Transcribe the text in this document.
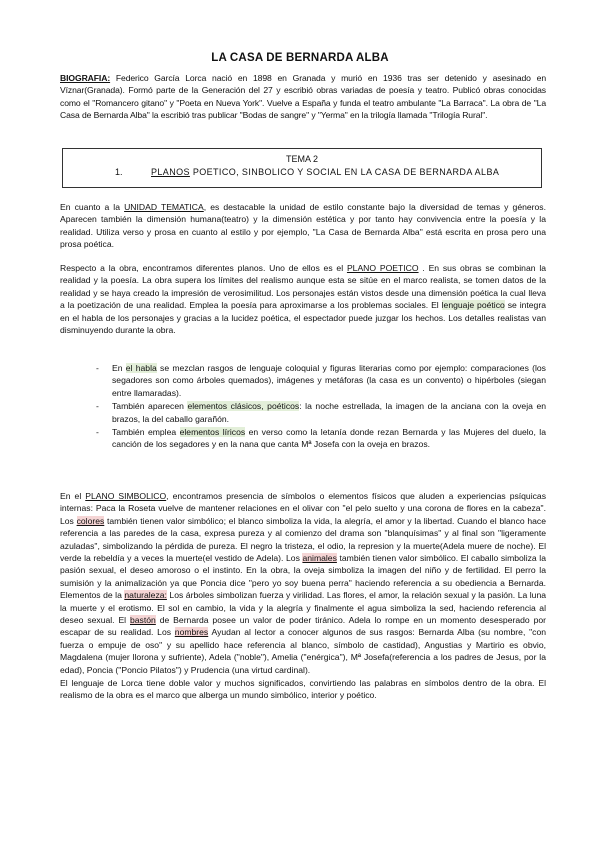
LA CASA DE BERNARDA ALBA
BIOGRAFIA: Federico García Lorca nació en 1898 en Granada y murió en 1936 tras ser detenido y asesinado en Víznar(Granada). Formó parte de la Generación del 27 y escribió obras variadas de poesía y teatro. Publicó obras conocidas como el "Romancero gitano" y "Poeta en Nueva York". Vuelve a España y funda el teatro ambulante "La Barraca". La obra de "La Casa de Bernarda Alba" la escribió tras publicar "Bodas de sangre" y "Yerma" en la trilogía llamada "Trilogía Rural".
TEMA 2
1.	PLANOS POETICO, SINBOLICO Y SOCIAL EN LA CASA DE BERNARDA ALBA
En cuanto a la UNIDAD TEMATICA, es destacable la unidad de estilo constante bajo la diversidad de temas y géneros. Aparecen también la dimensión humana(teatro) y la dimensión estética y por tanto hay convivencia entre la poesía y la realidad. Utiliza verso y prosa en cuanto al estilo y por ejemplo, "La Casa de Bernarda Alba" está escrita en prosa pero una prosa poética.
Respecto a la obra, encontramos diferentes planos. Uno de ellos es el PLANO POETICO . En sus obras se combinan la realidad y la poesía. La obra supera los límites del realismo aunque esta se sitúe en el marco realista, se tomen datos de la realidad y se haya creado la impresión de verosimilitud. Los personajes están vistos desde una dimensión poética la cual lleva a la poetización de una realidad. Emplea la poesía para aproximarse a los problemas sociales. El lenguaje poético se integra en el habla de los personajes y gracias a la lucidez poética, el espectador puede juzgar los hechos. Los detalles realistas van disminuyendo durante la obra.
- En el habla se mezclan rasgos de lenguaje coloquial y figuras literarias como por ejemplo: comparaciones (los segadores son como árboles quemados), imágenes y metáforas (la casa es un convento) o hipérboles (siegan entre llamaradas).
- También aparecen elementos clásicos, poéticos: la noche estrellada, la imagen de la anciana con la oveja en brazos, la del caballo garañón.
- También emplea elementos líricos en verso como la letanía donde rezan Bernarda y las Mujeres del duelo, la canción de los segadores y en la nana que canta Mª Josefa con la oveja en brazos.
En el PLANO SIMBOLICO, encontramos presencia de símbolos o elementos físicos que aluden a experiencias psíquicas internas: Paca la Roseta vuelve de mantener relaciones en el olivar con "el pelo suelto y una corona de flores en la cabeza". Los colores también tienen valor simbólico; el blanco simboliza la vida, la alegría, el amor y la libertad. Cuando el blanco hace referencia a las paredes de la casa, expresa pureza y al comienzo del drama son "blanquísimas" y al final son "ligeramente azuladas", simbolizando la pérdida de pureza. El negro la tristeza, el odio, la represion y la muerte(Adela muere de noche). El verde la rebeldía y a veces la muerte(el vestido de Adela). Los animales también tienen valor simbólico. El caballo simboliza la pasión sexual, el deseo amoroso o el instinto. En la obra, la oveja simboliza la imagen del niño y de fertilidad. El perro la sumisión y la animalización ya que Poncia dice "pero yo soy buena perra" haciendo referencia a su obediencia a Bernarda. Elementos de la naturaleza: Los árboles simbolizan fuerza y virilidad. Las flores, el amor, la relación sexual y la pasión. La luna la muerte y el erotismo. El sol en cambio, la vida y la alegría y finalmente el agua simboliza la sed, haciendo referencia al deseo sexual. El bastón de Bernarda posee un valor de poder tiránico. Adela lo rompe en un momento desesperado por escapar de su realidad. Los nombres Ayudan al lector a conocer algunos de sus rasgos: Bernarda Alba (su nombre, "con fuerza o empuje de oso" y su apellido hace referencia al blanco, símbolo de castidad), Angustias y Martirio es obvio, Magdalena (mujer llorona y sufriente), Adela ("noble"), Amelia ("enérgica"), Mª Josefa(referencia a los padres de Jesus, por la edad), Poncia ("Poncio Pilatos") y Prudencia (una virtud cardinal).
El lenguaje de Lorca tiene doble valor y muchos significados, convirtiendo las palabras en símbolos dentro de la obra. El realismo de la obra es el marco que alberga un mundo simbólico, interior y poético.
